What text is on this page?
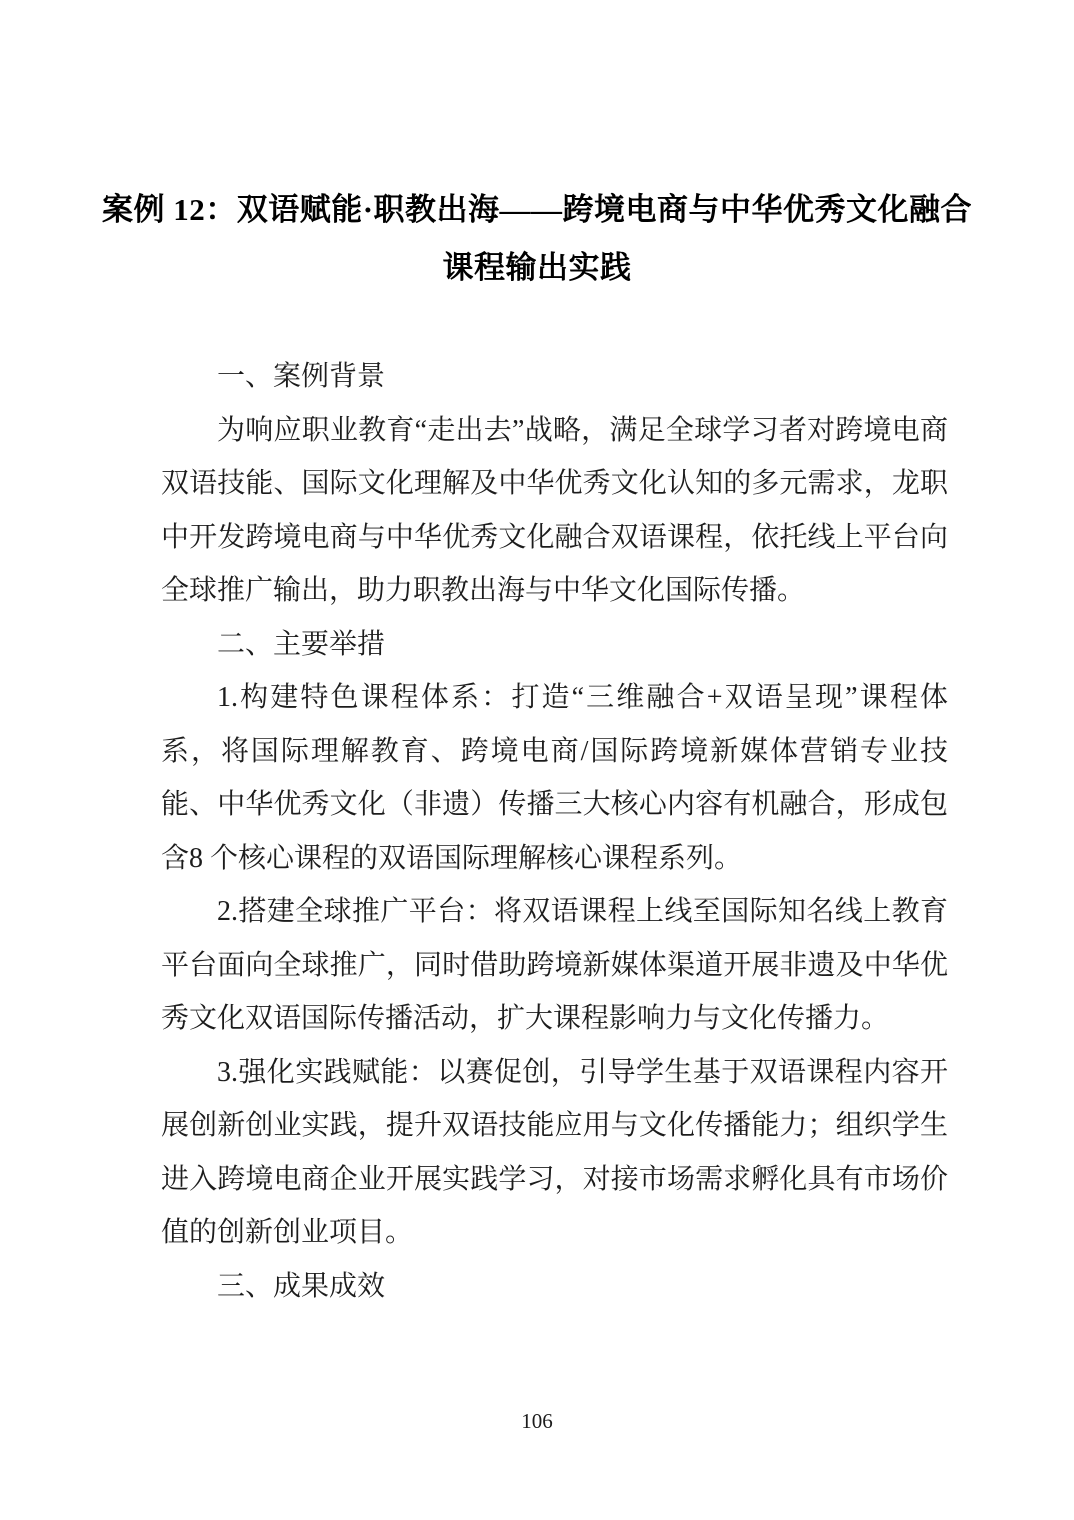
案例 12：双语赋能·职教出海——跨境电商与中华优秀文化融合
课程输出实践
一、案例背景

为响应职业教育“走出去”战略，满足全球学习者对跨境电商双语技能、国际文化理解及中华优秀文化认知的多元需求，龙职中开发跨境电商与中华优秀文化融合双语课程，依托线上平台向全球推广输出，助力职教出海与中华文化国际传播。

二、主要举措

1.构建特色课程体系：打造“三维融合+双语呈现”课程体系，将国际理解教育、跨境电商/国际跨境新媒体营销专业技能、中华优秀文化（非遗）传播三大核心内容有机融合，形成包含8 个核心课程的双语国际理解核心课程系列。

2.搭建全球推广平台：将双语课程上线至国际知名线上教育平台面向全球推广，同时借助跨境新媒体渠道开展非遗及中华优秀文化双语国际传播活动，扩大课程影响力与文化传播力。

3.强化实践赋能：以赛促创，引导学生基于双语课程内容开展创新创业实践，提升双语技能应用与文化传播能力；组织学生进入跨境电商企业开展实践学习，对接市场需求孵化具有市场价值的创新创业项目。

三、成果成效
106
